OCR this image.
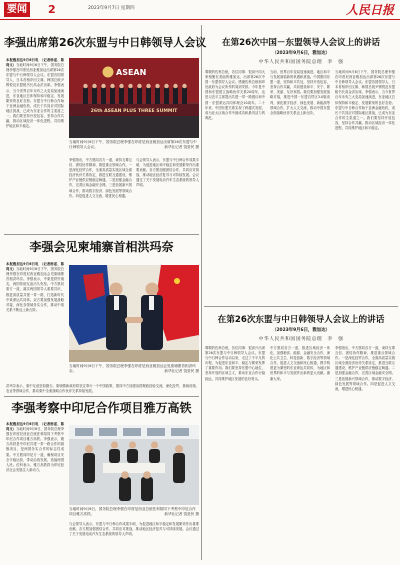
要闻 2	2023年9月7日 星期四	人民日报
李强出席第26次东盟与中日韩领导人会议
本报雅加达9月6日电 （记者杨讴、陈尚文）当地时间9月6日下午，国务院总理李强在印度尼西亚雅加达出席第26次东盟与中日韩领导人会议。东盟各国领导人、日本首相岸田文雄、韩国总统尹锡悦及东盟秘书长高金洪出席。李强表示，当今世界百年未有之大变局加速演进，东亚地区总体保持和平稳定、发展繁荣的良好态势。东盟与中日韩合作始于亚洲金融危机，成长于共同应对国际地区挑战，已成为东亚合作的主渠道之一。我们要坚持开放包容，坚持合作共赢，推动区域经济一体化进程，共同维护地区和平稳定。
ASEAN
26th ASEAN PLUS THREE SUMMIT
当地时间9月6日下午，国务院总理李强在印度尼西亚雅加达出席第26次东盟与中日韩领导人会议。	新华社记者 饶爱民 摄
李强指出，中方愿同各方一道，秉持互尊互信、团结协作精神，推进重点领域合作。一是深化经贸合作，全面高质量实施区域全面经济伙伴关系协定，推进互联互通建设，维护产业链供应链稳定畅通。二是加强金融合作，完善区域金融安全网。三是拓展新兴领域合作，推动数字经济、绿色发展等领域合作。四是促进人文交流，增进民心相通。
与会领导人表示，东盟与中日韩合作成果丰硕，为促进地区和平稳定和发展繁荣作出重要贡献。各方愿加强团结合作，共同应对挑战，推动地区经济复苏与可持续发展。会议通过了关于发展电动汽车生态系统的领导人声明。
李强会见柬埔寨首相洪玛奈
本报雅加达9月6日电 （记者杨讴、陈尚文）当地时间9月6日下午，国务院总理李强在印度尼西亚雅加达会见柬埔寨首相洪玛奈。李强表示，中柬是铁杆朋友，两国传统友谊历久弥坚。中方愿同柬方一道，落实两国领导人重要共识，推进高质量共建一带一路，打造新时代中柬命运共同体。双方要加强发展战略对接，深化各领域务实合作，推动中柬关系不断迈上新台阶。
当地时间9月6日下午，国务院总理李强在印度尼西亚雅加达会见柬埔寨首相洪玛奈。	新华社记者 饶爱民 摄
洪玛奈表示，柬中友谊坚如磐石。柬埔寨新政府将坚定奉行一个中国政策，愿同中方加强治国理政经验交流，深化经贸、基础设施、农业等领域合作，推动柬中全面战略合作伙伴关系持续发展。
李强考察中印尼合作项目雅万高铁
本报雅加达9月6日电 （记者杨讴、陈尚文）当地时间9月6日，国务院总理李强在印度尼西亚总统佐科陪同下考察中印尼合作项目雅万高铁。李强表示，雅万高铁是中印尼共建一带一路合作的旗舰项目，是两国务实合作的标志性成果。中方愿同印尼方一道，确保项目安全平稳运营，带动沿线发展，造福两国人民。佐科表示，雅万高铁将为印尼经济社会发展注入新动力。
当地时间9月6日，国务院总理李强在印度尼西亚总统佐科陪同下考察中印尼合作项目雅万高铁。	新华社记者 饶爱民 摄
与会领导人表示，东盟与中日韩合作成果丰硕，为促进地区和平稳定和发展繁荣作出重要贡献。各方愿加强团结合作，共同应对挑战，推动地区经济复苏与可持续发展。会议通过了关于发展电动汽车生态系统的领导人声明。
在第26次中国－东盟领导人会议上的讲话
（2023年9月6日，雅加达）
中华人民共和国国务院总理　李　强
尊敬的佐科总统，各位同事：很高兴同大家相聚在美丽的雅加达，出席第26次中国－东盟领导人会议。感谢佐科总统和印尼政府为会议所作的周到安排。今年是中国和东盟建立战略伙伴关系20周年，也是习近平主席提出共建一带一路倡议和中国－东盟命运共同体理念10周年。二十年来，中国东盟关系实现了跨越式发展，成为亚太区域合作中最成功和最具活力的典范。
当前，世界百年变局加速演进，地区和平与发展面临新的机遇和挑战。中国愿同东盟一道，坚持和平共处，坚持开放包容，坚持合作共赢，共同建设和平、安宁、繁荣、美丽、友好家园。我们要加强发展战略对接，推进中国－东盟自贸区3.0版谈判，深化数字经济、绿色发展、新能源等领域合作，扩大人文交流，推动中国东盟全面战略伙伴关系迈上新台阶。
当地时间9月6日下午，国务院总理李强在印度尼西亚雅加达出席第26次东盟与中日韩领导人会议。东盟各国领导人、日本首相岸田文雄、韩国总统尹锡悦及东盟秘书长高金洪出席。李强表示，当今世界百年未有之大变局加速演进，东亚地区总体保持和平稳定、发展繁荣的良好态势。东盟与中日韩合作始于亚洲金融危机，成长于共同应对国际地区挑战，已成为东亚合作的主渠道之一。我们要坚持开放包容，坚持合作共赢，推动区域经济一体化进程，共同维护地区和平稳定。
在第26次东盟与中日韩领导人会议上的讲话
（2023年9月6日，雅加达）
中华人民共和国国务院总理　李　强
尊敬的佐科总统，各位同事：很高兴出席第26次东盟与中日韩领导人会议。东盟与中日韩合作启动以来，走过了不平凡的历程，为促进东亚和平、稳定与繁荣发挥了重要作用。我们要坚持东盟中心地位，坚持开放的区域主义，推动东亚合作行稳致远，共同维护地区发展的良好势头。
中方愿同各方一道，推进区域经济一体化，加强粮食、能源、金融安全合作，深化公共卫生、科技创新、数字经济等领域合作，促进人文交流和民心相通，携手构建更为紧密的东亚命运共同体，为地区和世界的和平与发展作出新的更大贡献。谢谢大家。
李强指出，中方愿同各方一道，秉持互尊互信、团结协作精神，推进重点领域合作。一是深化经贸合作，全面高质量实施区域全面经济伙伴关系协定，推进互联互通建设，维护产业链供应链稳定畅通。二是加强金融合作，完善区域金融安全网。三是拓展新兴领域合作，推动数字经济、绿色发展等领域合作。四是促进人文交流，增进民心相通。
